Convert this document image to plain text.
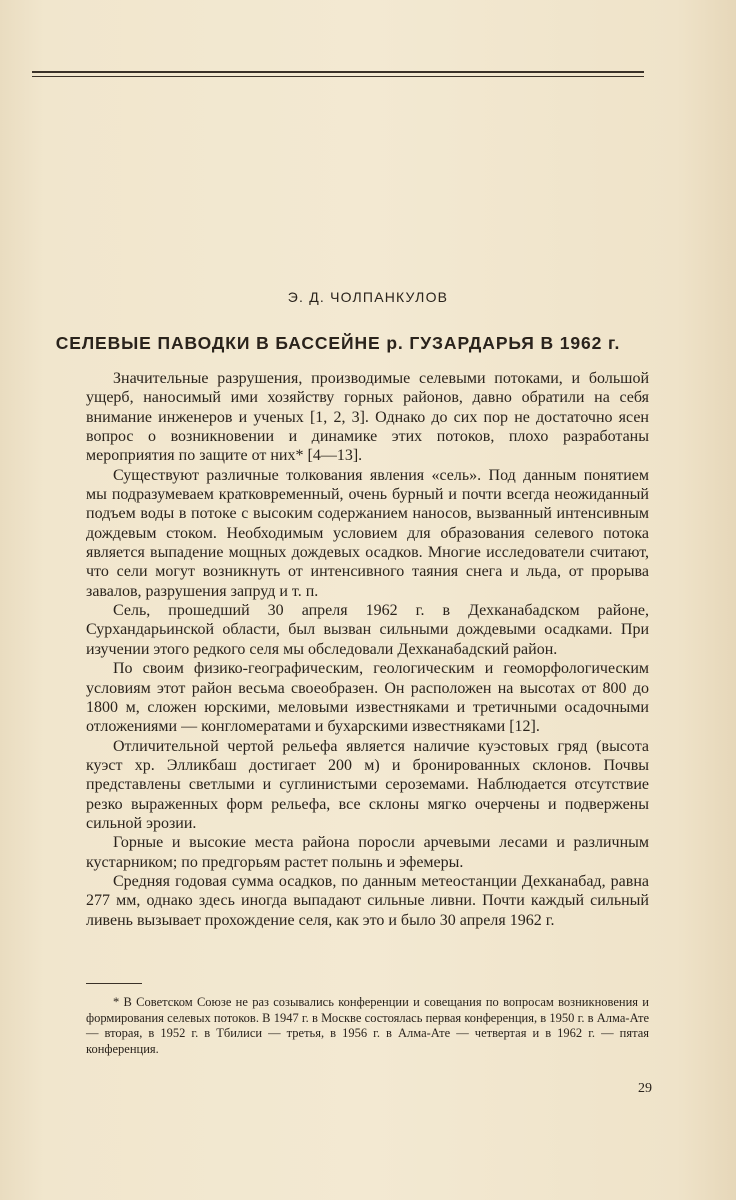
Э. Д. ЧОЛПАНКУЛОВ
СЕЛЕВЫЕ ПАВОДКИ В БАССЕЙНЕ р. ГУЗАРДАРЬЯ В 1962 г.

Значительные разрушения, производимые селевыми потоками, и большой ущерб, наносимый ими хозяйству горных районов, давно обратили на себя внимание инженеров и ученых [1, 2, 3]. Однако до сих пор не достаточно ясен вопрос о возникновении и динамике этих потоков, плохо разработаны мероприятия по защите от них* [4—13].

Существуют различные толкования явления «сель». Под данным понятием мы подразумеваем кратковременный, очень бурный и почти всегда неожиданный подъем воды в потоке с высоким содержанием наносов, вызванный интенсивным дождевым стоком. Необходимым условием для образования селевого потока является выпадение мощных дождевых осадков. Многие исследователи считают, что сели могут возникнуть от интенсивного таяния снега и льда, от прорыва завалов, разрушения запруд и т. п.

Сель, прошедший 30 апреля 1962 г. в Дехканабадском районе, Сурхандарьинской области, был вызван сильными дождевыми осадками. При изучении этого редкого селя мы обследовали Дехканабадский район.

По своим физико-географическим, геологическим и геоморфологическим условиям этот район весьма своеобразен. Он расположен на высотах от 800 до 1800 м, сложен юрскими, меловыми известняками и третичными осадочными отложениями — конгломератами и бухарскими известняками [12].

Отличительной чертой рельефа является наличие куэстовых гряд (высота куэст хр. Элликбаш достигает 200 м) и бронированных склонов. Почвы представлены светлыми и суглинистыми сероземами. Наблюдается отсутствие резко выраженных форм рельефа, все склоны мягко очерчены и подвержены сильной эрозии.

Горные и высокие места района поросли арчевыми лесами и различным кустарником; по предгорьям растет полынь и эфемеры.

Средняя годовая сумма осадков, по данным метеостанции Дехканабад, равна 277 мм, однако здесь иногда выпадают сильные ливни. Почти каждый сильный ливень вызывает прохождение селя, как это и было 30 апреля 1962 г.

* В Советском Союзе не раз созывались конференции и совещания по вопросам возникновения и формирования селевых потоков. В 1947 г. в Москве состоялась первая конференция, в 1950 г. в Алма-Ате — вторая, в 1952 г. в Тбилиси — третья, в 1956 г. в Алма-Ате — четвертая и в 1962 г. — пятая конференция.

29
